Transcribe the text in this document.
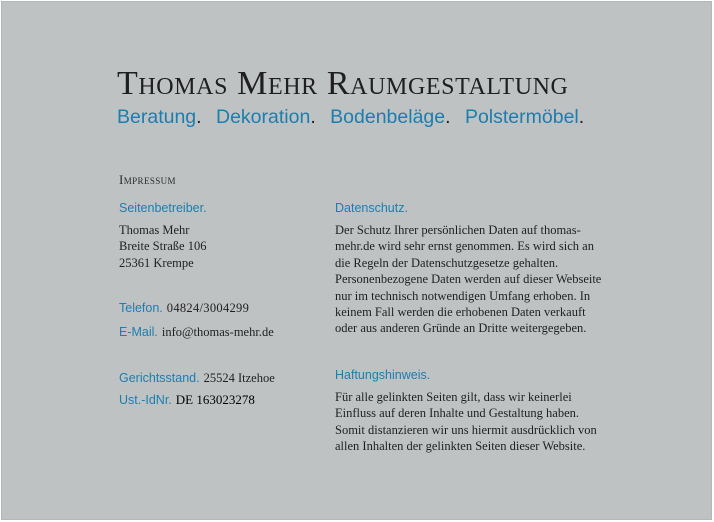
Thomas Mehr Raumgestaltung
Beratung. Dekoration. Bodenbeläge. Polstermöbel.
Impressum
Seitenbetreiber.

Thomas Mehr

Breite Straße 106

25361 Krempe

Telefon. 04824/3004299
E-Mail. info@thomas-mehr.de
Gerichtsstand. 25524 Itzehoe
Ust.-IdNr. DE 163023278
Datenschutz.
Der Schutz Ihrer persönlichen Daten auf thomas-mehr.de wird sehr ernst genommen. Es wird sich an die Regeln der Datenschutzgesetze gehalten. Personenbezogene Daten werden auf dieser Webseite nur im technisch notwendigen Umfang erhoben. In keinem Fall werden die erhobenen Daten verkauft oder aus anderen Gründe an Dritte weitergegeben.
Haftungshinweis.
Für alle gelinkten Seiten gilt, dass wir keinerlei Einfluss auf deren Inhalte und Gestaltung haben. Somit distanzieren wir uns hiermit ausdrücklich von allen Inhalten der gelinkten Seiten dieser Website.
